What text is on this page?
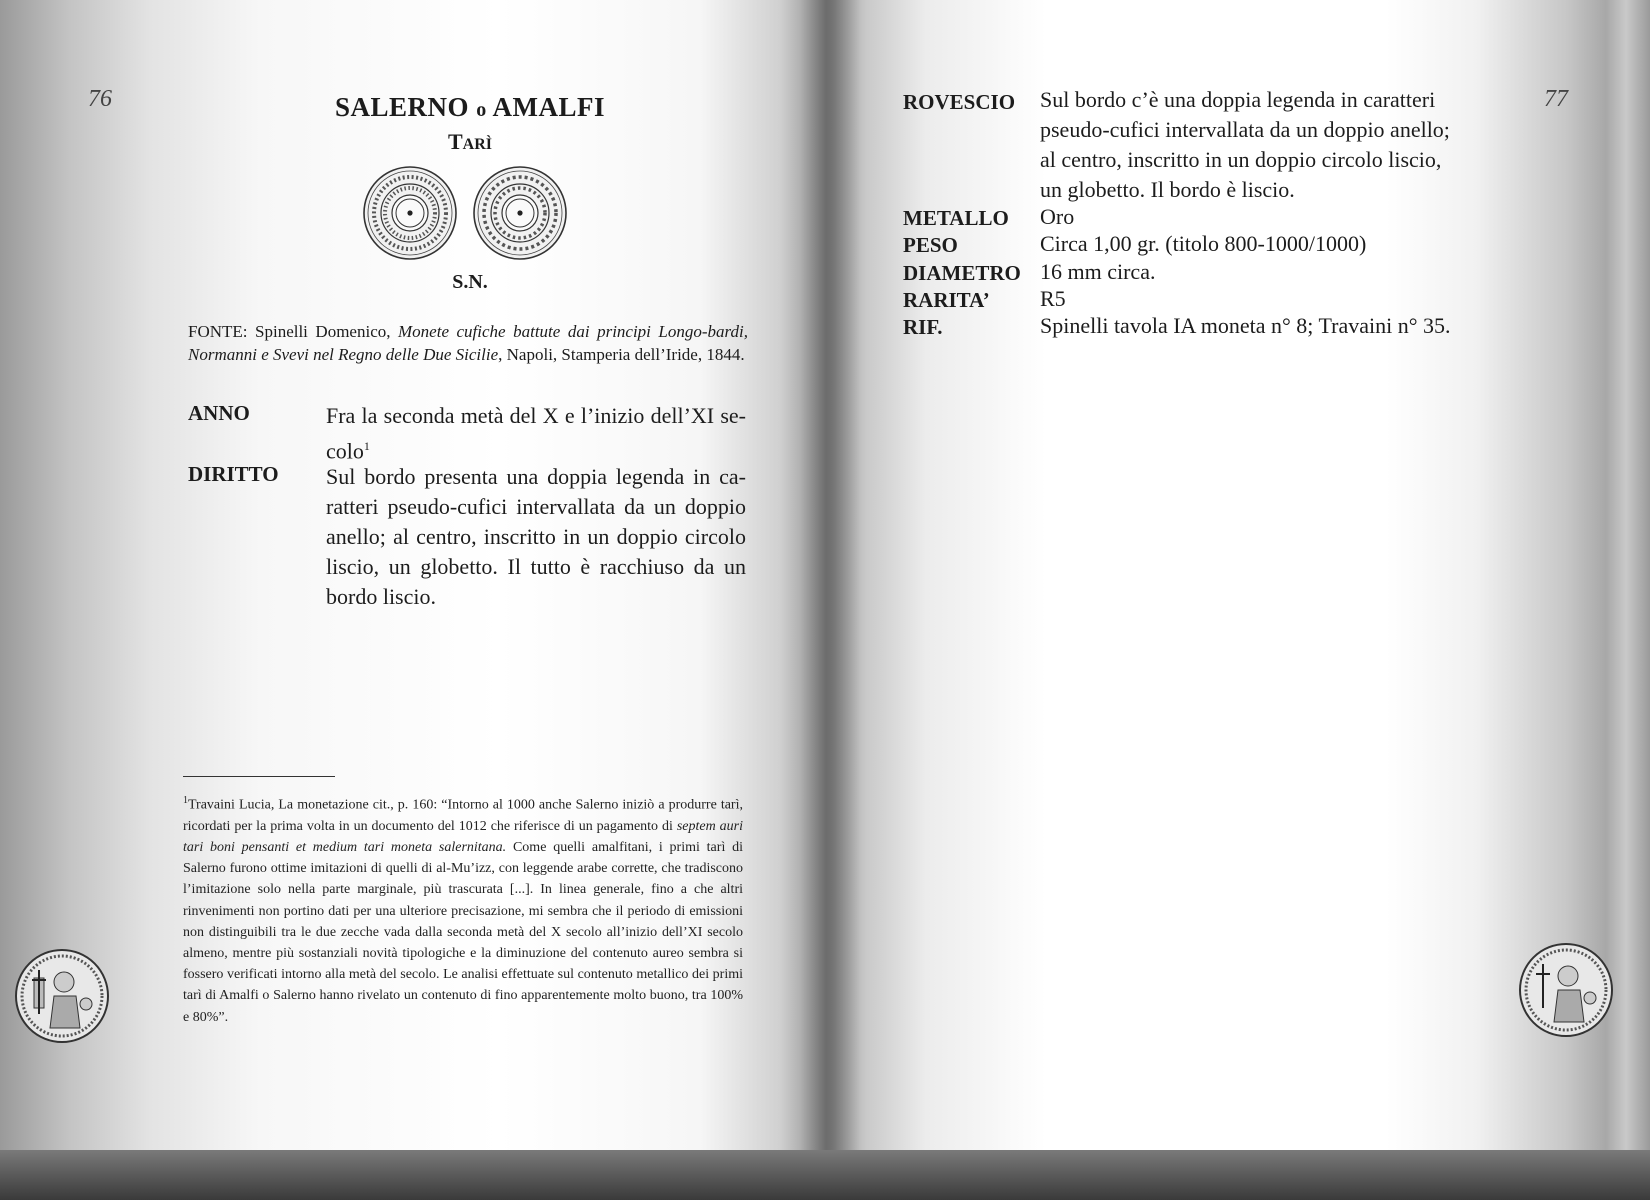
76	SALERNO o AMALFI
TARÌ
S.N.
FONTE: Spinelli Domenico, Monete cufiche battute dai principi Longo-bardi, Normanni e Svevi nel Regno delle Due Sicilie, Napoli, Stamperia dell’Iride, 1844.
ANNO	Fra la seconda metà del X e l’inizio dell’XI se-colo$^1$
DIRITTO Sul bordo presenta una doppia legenda in ca-ratteri pseudo-cufici intervallata da un doppio anello; al centro, inscritto in un doppio circolo liscio, un globetto. Il tutto è racchiuso da un bordo liscio.
$^1$Travaini Lucia, La monetazione cit., p. 160: “Intorno al 1000 anche Salerno iniziò a produrre tarì, ricordati per la prima volta in un documento del 1012 che riferisce di un pagamento di septem auri tari boni pensanti et medium tari moneta salernitana. Come quelli amalfitani, i primi tarì di Salerno furono ottime imitazioni di quelli di al-Mu’izz, con leggende arabe corrette, che tradiscono l’imitazione solo nella parte marginale, più trascurata [...]. In linea generale, fino a che altri rinvenimenti non portino dati per una ulteriore precisazione, mi sembra che il periodo di emissioni non distinguibili tra le due zecche vada dalla seconda metà del X secolo all’inizio dell’XI secolo almeno, mentre più sostanziali novità tipologiche e la diminuzione del contenuto aureo sembra si fossero verificati intorno alla metà del secolo. Le analisi effettuate sul contenuto metallico dei primi tarì di Amalfi o Salerno hanno rivelato un contenuto di fino apparentemente molto buono, tra 100% e 80%”.
77
ROVESCIO Sul bordo c’è una doppia legenda in caratteri pseudo-cufici intervallata da un doppio anello; al centro, inscritto in un doppio circolo liscio, un globetto. Il bordo è liscio.
METALLO Oro
PESO	Circa 1,00 gr. (titolo 800-1000/1000)
DIAMETRO 16 mm circa.
RARITA’ R5
RIF.	Spinelli tavola IA moneta n° 8; Travaini n° 35.
